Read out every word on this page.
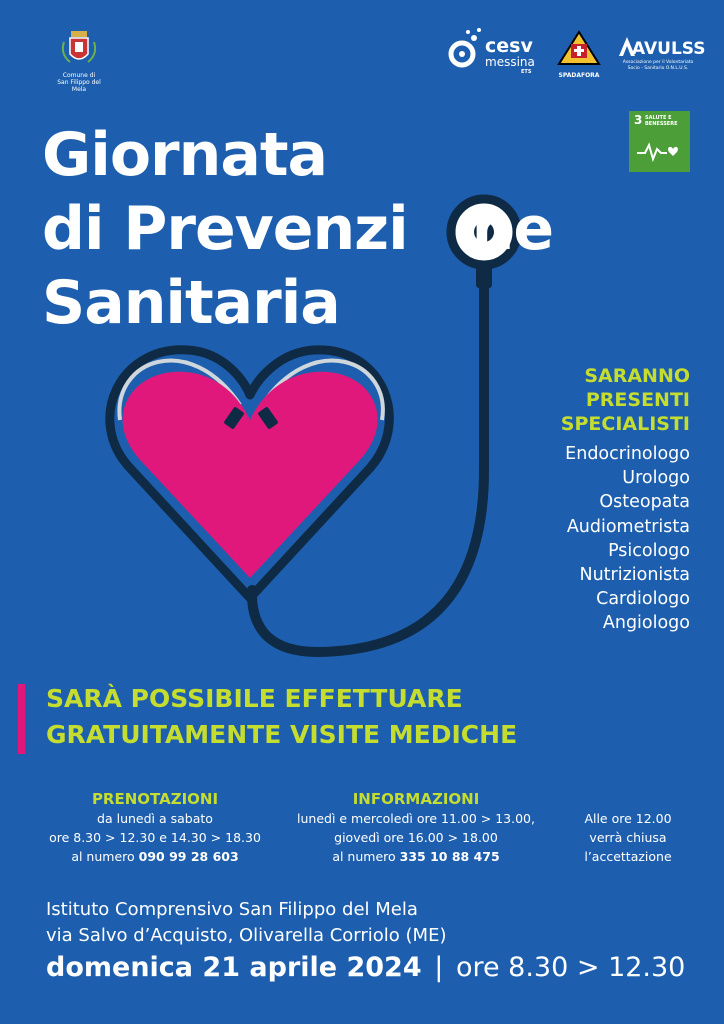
Comune di
San Filippo del Mela
cesv
messina
ETS	SPADAFORA
AVULSS
Associazione per il Volontariato Socio - Sanitario O.N.L.U.S.
3 SALUTE E
BENESSERE
Giornata
di Prevenzi ne
Sanitaria
SARANNO
PRESENTI
SPECIALISTI
Endocrinologo
Urologo
Osteopata
Audiometrista
Psicologo
Nutrizionista
Cardiologo
Angiologo
SARÀ POSSIBILE EFFETTUARE
GRATUITAMENTE VISITE MEDICHE
PRENOTAZIONI
da lunedì a sabato
ore 8.30 > 12.30 e 14.30 > 18.30
al numero 090 99 28 603
INFORMAZIONI
lunedì e mercoledì ore 11.00 > 13.00,
giovedì ore 16.00 > 18.00
al numero 335 10 88 475
Alle ore 12.00
verrà chiusa
l’accettazione
Istituto Comprensivo San Filippo del Mela
via Salvo d’Acquisto, Olivarella Corriolo (ME)
domenica 21 aprile 2024 | ore 8.30 > 12.30
